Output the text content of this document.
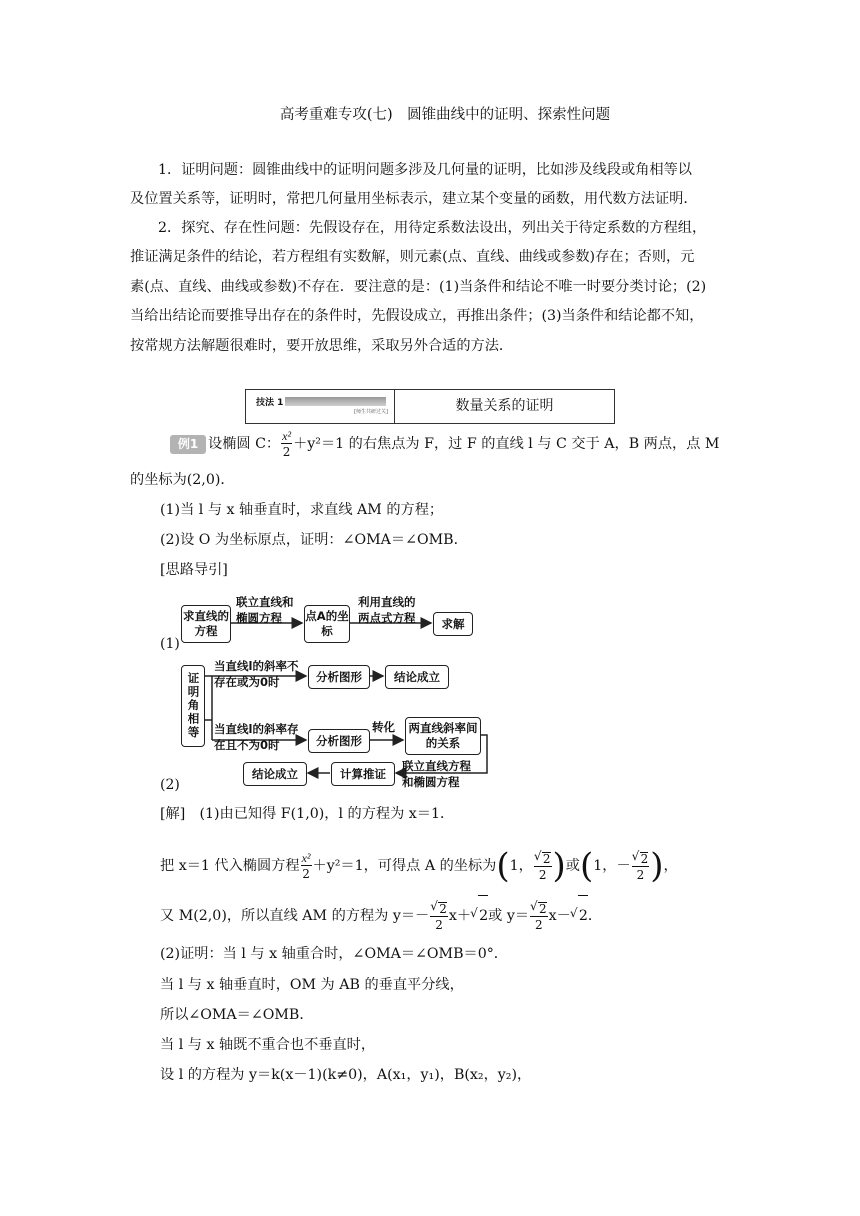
高考重难专攻(七)　圆锥曲线中的证明、探索性问题
1．证明问题：圆锥曲线中的证明问题多涉及几何量的证明，比如涉及线段或角相等以
及位置关系等，证明时，常把几何量用坐标表示，建立某个变量的函数，用代数方法证明．
2．探究、存在性问题：先假设存在，用待定系数法设出，列出关于待定系数的方程组，
推证满足条件的结论，若方程组有实数解，则元素(点、直线、曲线或参数)存在；否则，元
素(点、直线、曲线或参数)不存在．要注意的是：(1)当条件和结论不唯一时要分类讨论；(2)
当给出结论而要推导出存在的条件时，先假设成立，再推出条件；(3)当条件和结论都不知，
按常规方法解题很难时，要开放思维，采取另外合适的方法．
技法 1
[师生共研过关]	数量关系的证明
例1 设椭圆 C： $\frac{\text{x²}}{2} +y^2=1$ 的右焦点为 F，过 F 的直线 l 与 C 交于 A，B 两点，点 M
的坐标为(2,0)．
(1)当 l 与 x 轴垂直时，求直线 AM 的方程；
(2)设 O 为坐标原点，证明：∠OMA＝∠OMB．
[思路导引]
(1)
求直线的方程
联立直线和椭圆方程	点A的坐标
利用直线的两点式方程	求解
证明角相等
当直线l的斜率不存在或为0时	分析图形	结论成立
当直线l的斜率存在且不为0时	分析图形
转化	两直线斜率间的关系
联立直线方程和椭圆方程
计算推证
结论成立
(2)
[解]　(1)由已知得 F(1,0)，l 的方程为 x＝1．
把 x＝1 代入椭圆方程 $\frac{\text{x²}}{2} +y^2=1$，可得点 A 的坐标为(1，
√ $\frac{2}{2}$ )或(1，－
√ $\frac{2}{2}$ )，
又 M(2,0)，所以直线 AM 的方程为 y＝－
√ $\frac{2}{2} x+√$ 2或 y＝
√ $\frac{2}{2} x-√$ 2．
(2)证明：当 l 与 x 轴重合时，∠OMA＝∠OMB＝0°．
当 l 与 x 轴垂直时，OM 为 AB 的垂直平分线，
所以∠OMA＝∠OMB．
当 l 与 x 轴既不重合也不垂直时，
设 l 的方程为 y＝k(x－1)(k≠0)，A(x₁，y₁)，B(x₂，y₂)，
